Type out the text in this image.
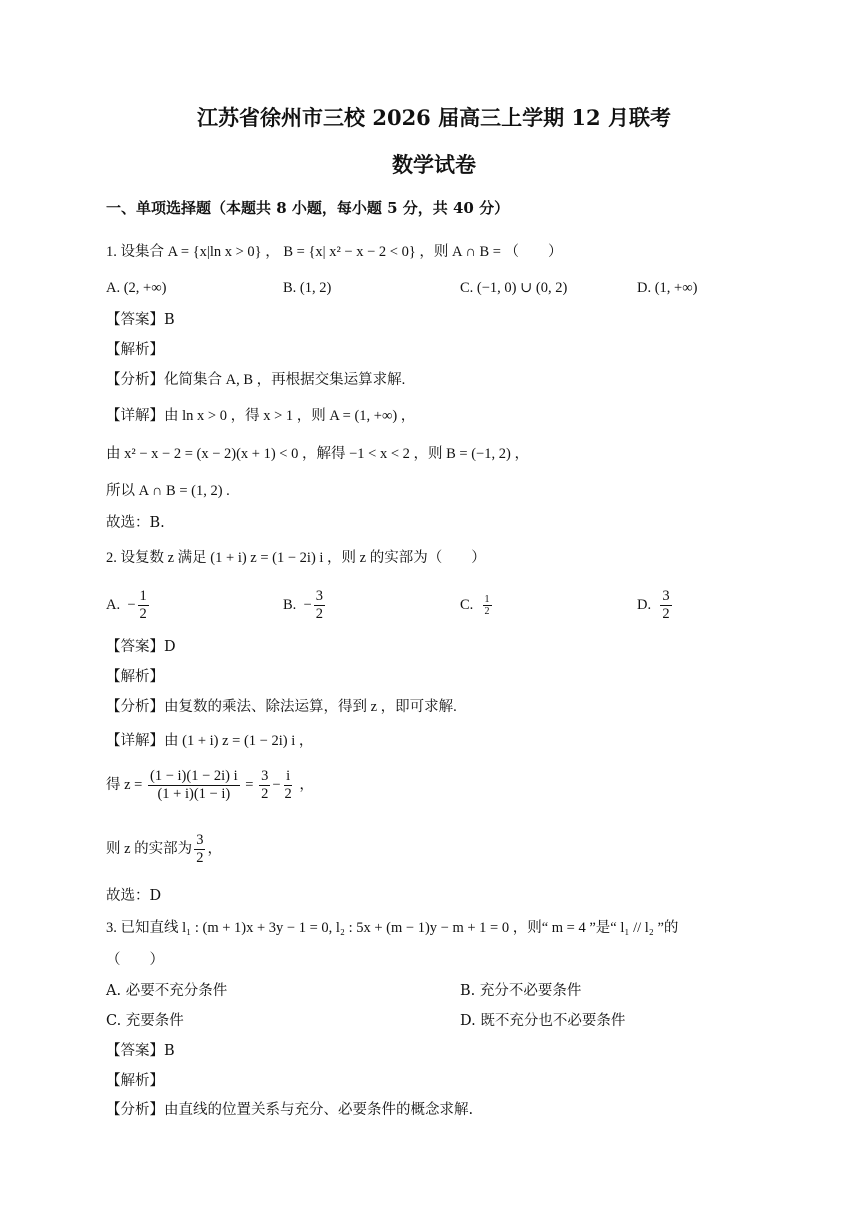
江苏省徐州市三校 2026 届高三上学期 12 月联考
数学试卷
一、单项选择题（本题共 8 小题，每小题 5 分，共 40 分）
1. 设集合 A = {x|ln x > 0} ， B = {x| x² − x − 2 < 0} ，则 A ∩ B = （　　）
A. (2, +∞)	B. (1, 2)	C. (−1, 0) ∪ (0, 2)	D. (1, +∞)
【答案】B
【解析】
【分析】化简集合 A, B ，再根据交集运算求解.
【详解】由 ln x > 0 ，得 x > 1 ，则 A = (1, +∞) ，
由 x² − x − 2 = (x − 2)(x + 1) < 0 ，解得 −1 < x < 2 ，则 B = (−1, 2) ，
所以 A ∩ B = (1, 2) .
故选：B.
2. 设复数 z 满足 (1 + i) z = (1 − 2i) i ，则 z 的实部为（　　）
A. − $\frac{1}{2}$	B. − $\frac{3}{2}$	C. $\frac{1}{2}$	D. $\frac{3}{2}$
【答案】D
【解析】
【分析】由复数的乘法、除法运算，得到 z ，即可求解.
【详解】由 (1 + i) z = (1 − 2i) i ，
得 $z = \frac{(1 - i)(1 - 2i) i}{(1 + i)(1 - i)} = \frac{3}{2} - \frac{i}{2}$ ，
则 z 的实部为 $\frac{3}{2}$ ，
故选：D
3. 已知直线 l₁ : (m + 1)x + 3y − 1 = 0, l₂ : 5x + (m − 1)y − m + 1 = 0 ，则“ m = 4 ”是“ l₁ // l₂ ”的
（　　）
A. 必要不充分条件	B. 充分不必要条件
C. 充要条件	D. 既不充分也不必要条件
【答案】B
【解析】
【分析】由直线的位置关系与充分、必要条件的概念求解.
